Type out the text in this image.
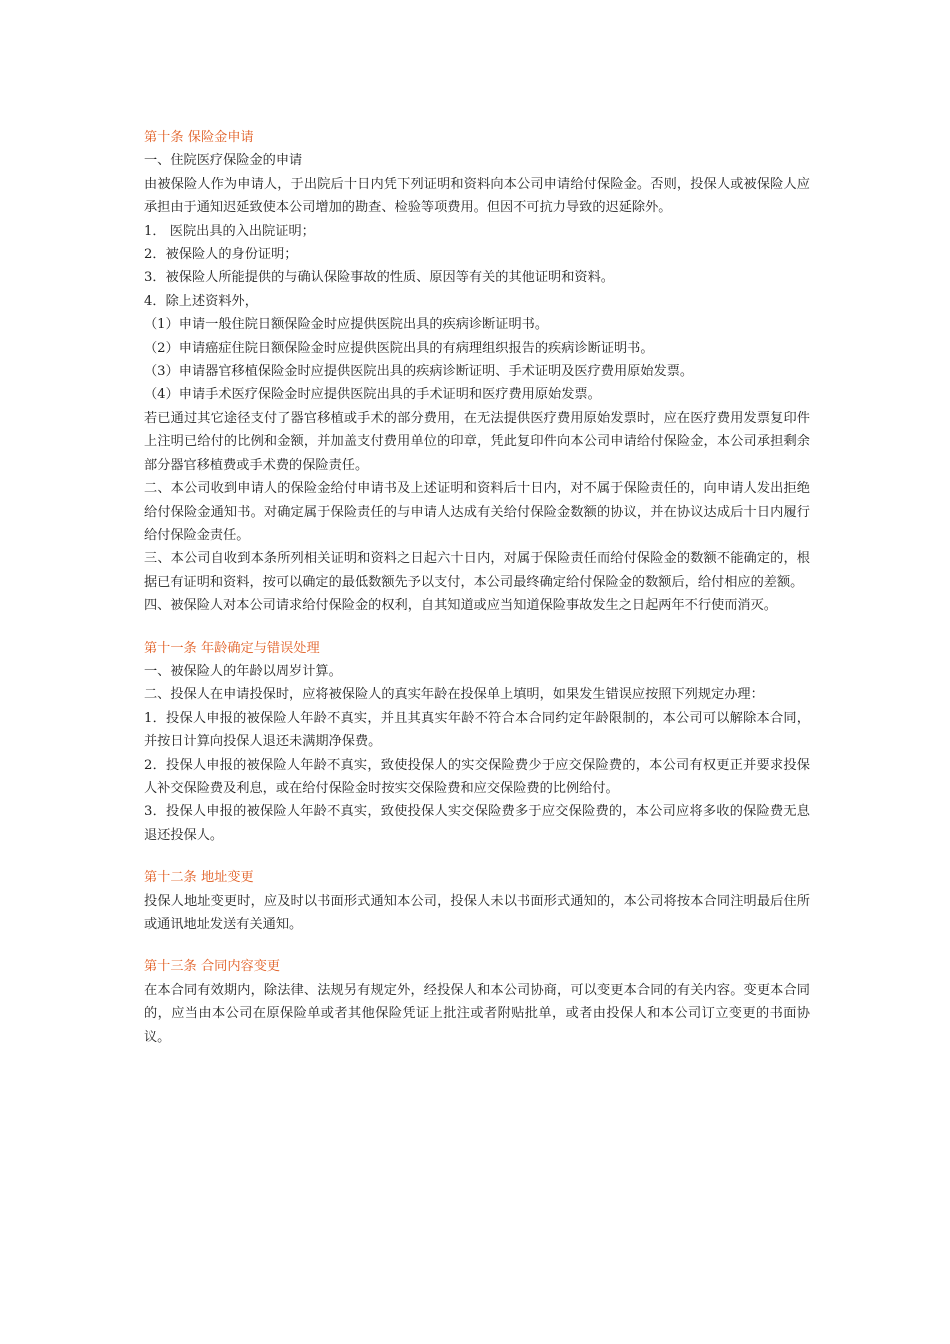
第十条 保险金申请

一、住院医疗保险金的申请

由被保险人作为申请人，于出院后十日内凭下列证明和资料向本公司申请给付保险金。否则，投保人或被保险人应承担由于通知迟延致使本公司增加的勘查、检验等项费用。但因不可抗力导致的迟延除外。

1． 医院出具的入出院证明；

2．被保险人的身份证明；

3．被保险人所能提供的与确认保险事故的性质、原因等有关的其他证明和资料。

4．除上述资料外，

（1）申请一般住院日额保险金时应提供医院出具的疾病诊断证明书。

（2）申请癌症住院日额保险金时应提供医院出具的有病理组织报告的疾病诊断证明书。

（3）申请器官移植保险金时应提供医院出具的疾病诊断证明、手术证明及医疗费用原始发票。

（4）申请手术医疗保险金时应提供医院出具的手术证明和医疗费用原始发票。

若已通过其它途径支付了器官移植或手术的部分费用，在无法提供医疗费用原始发票时，应在医疗费用发票复印件上注明已给付的比例和金额，并加盖支付费用单位的印章，凭此复印件向本公司申请给付保险金，本公司承担剩余部分器官移植费或手术费的保险责任。

二、本公司收到申请人的保险金给付申请书及上述证明和资料后十日内，对不属于保险责任的，向申请人发出拒绝给付保险金通知书。对确定属于保险责任的与申请人达成有关给付保险金数额的协议，并在协议达成后十日内履行给付保险金责任。

三、本公司自收到本条所列相关证明和资料之日起六十日内，对属于保险责任而给付保险金的数额不能确定的，根据已有证明和资料，按可以确定的最低数额先予以支付，本公司最终确定给付保险金的数额后，给付相应的差额。

四、被保险人对本公司请求给付保险金的权利，自其知道或应当知道保险事故发生之日起两年不行使而消灭。

第十一条 年龄确定与错误处理

一、被保险人的年龄以周岁计算。

二、投保人在申请投保时，应将被保险人的真实年龄在投保单上填明，如果发生错误应按照下列规定办理：

1．投保人申报的被保险人年龄不真实，并且其真实年龄不符合本合同约定年龄限制的，本公司可以解除本合同，并按日计算向投保人退还未满期净保费。

2．投保人申报的被保险人年龄不真实，致使投保人的实交保险费少于应交保险费的，本公司有权更正并要求投保人补交保险费及利息，或在给付保险金时按实交保险费和应交保险费的比例给付。

3．投保人申报的被保险人年龄不真实，致使投保人实交保险费多于应交保险费的，本公司应将多收的保险费无息退还投保人。

第十二条 地址变更

投保人地址变更时，应及时以书面形式通知本公司，投保人未以书面形式通知的，本公司将按本合同注明最后住所或通讯地址发送有关通知。

第十三条 合同内容变更

在本合同有效期内，除法律、法规另有规定外，经投保人和本公司协商，可以变更本合同的有关内容。变更本合同的，应当由本公司在原保险单或者其他保险凭证上批注或者附贴批单，或者由投保人和本公司订立变更的书面协议。
